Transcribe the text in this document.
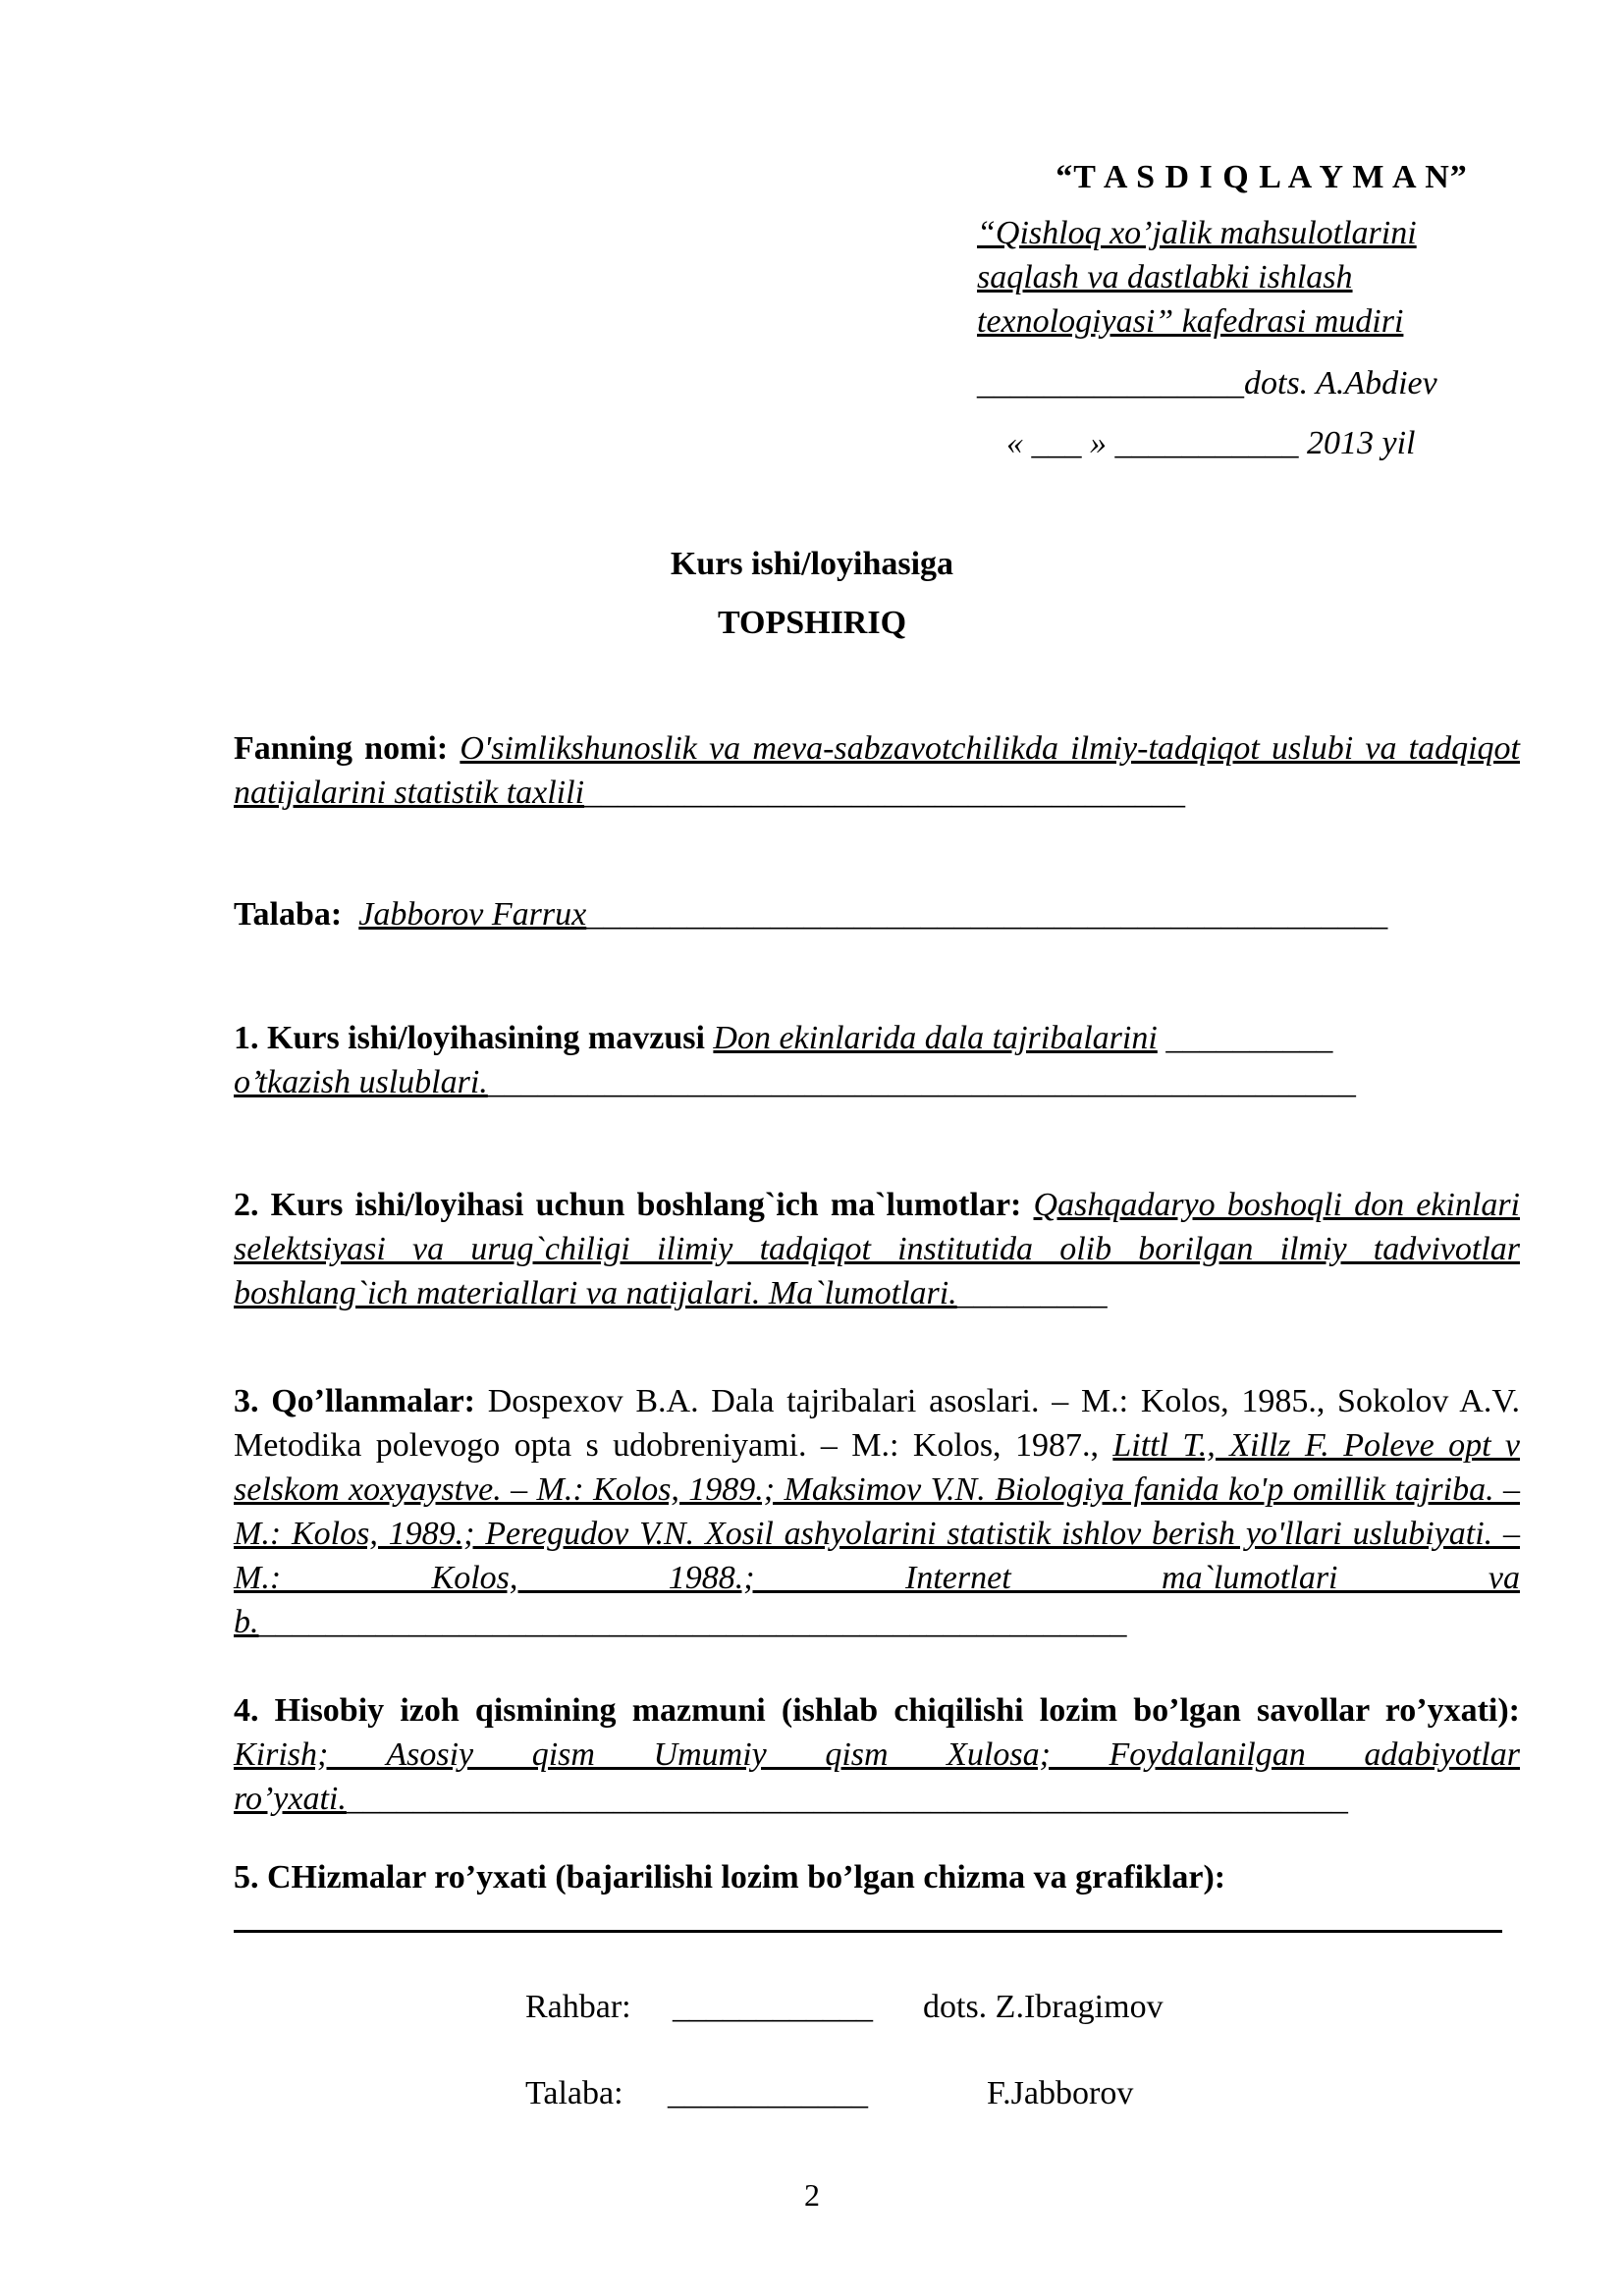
“T A S D I Q L A Y M A N”
“Qishloq xo’jalik mahsulotlarini
saqlash va dastlabki ishlash
texnologiyasi” kafedrasi mudiri
________________dots. A.Abdiev
« ___ » ___________ 2013 yil
Kurs ishi/loyihasiga
TOPSHIRIQ
Fanning nomi: O'simlikshunoslik va meva-sabzavotchilikda ilmiy-tadqiqot uslubi va tadqiqot natijalarini statistik taxlili____________________________________
Talaba: Jabborov Farrux________________________________________________
1. Kurs ishi/loyihasining mavzusi Don ekinlarida dala tajribalarini __________
o’tkazish uslublari.____________________________________________________
2. Kurs ishi/loyihasi uchun boshlang`ich ma`lumotlar: Qashqadaryo boshoqli don ekinlari selektsiyasi va urug`chiligi ilimiy tadqiqot institutida olib borilgan ilmiy tadvivotlar boshlang`ich materiallari va natijalari. Ma`lumotlari._________
3. Qo’llanmalar: Dospexov B.A. Dala tajribalari asoslari. – M.: Kolos, 1985., Sokolov A.V. Metodika polevogo opta s udobreniyami. – M.: Kolos, 1987., Littl T., Xillz F. Poleve opt v selskom xoxyaystve. – M.: Kolos, 1989.; Maksimov V.N. Biologiya fanida ko'p omillik tajriba. – M.: Kolos, 1989.; Peregudov V.N. Xosil ashyolarini statistik ishlov berish yo'llari uslubiyati. – M.: Kolos, 1988.; Internet ma`lumotlari va b.____________________________________________________
4. Hisobiy izoh qismining mazmuni (ishlab chiqilishi lozim bo’lgan savollar ro’yxati): Kirish; Asosiy qism Umumiy qism Xulosa; Foydalanilgan adabiyotlar ro’yxati.____________________________________________________________
5. CHizmalar ro’yxati (bajarilishi lozim bo’lgan chizma va grafiklar):
Rahbar: ____________ dots. Z.Ibragimov
Talaba: ____________	F.Jabborov
2
